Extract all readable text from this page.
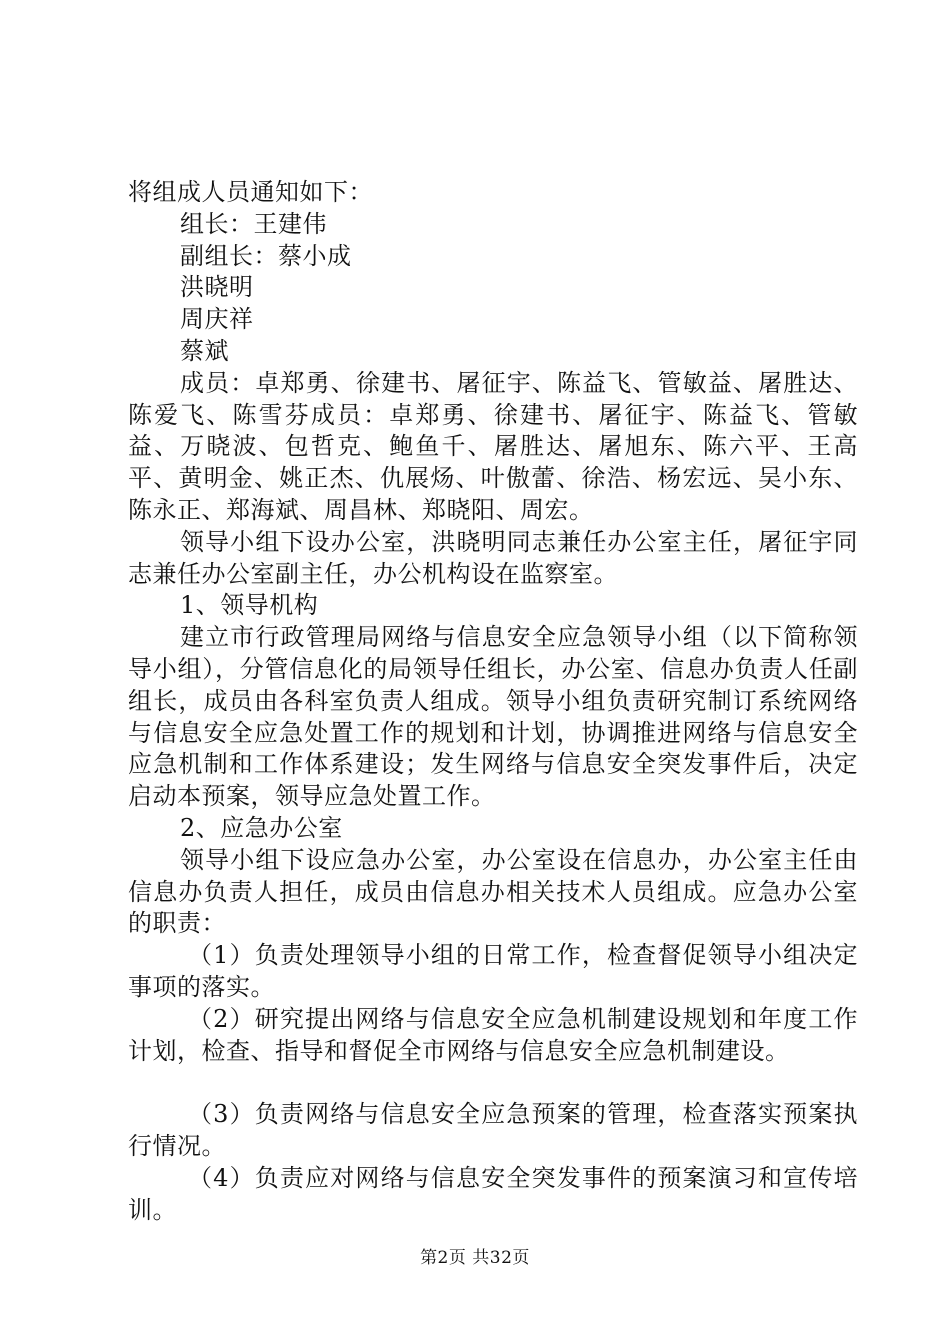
将组成人员通知如下：

组长：王建伟

副组长：蔡小成

洪晓明

周庆祥

蔡斌

成员：卓郑勇、徐建书、屠征宇、陈益飞、管敏益、屠胜达、陈爱飞、陈雪芬成员：卓郑勇、徐建书、屠征宇、陈益飞、管敏益、万晓波、包哲克、鲍鱼千、屠胜达、屠旭东、陈六平、王高平、黄明金、姚正杰、仇展炀、叶傲蕾、徐浩、杨宏远、吴小东、陈永正、郑海斌、周昌林、郑晓阳、周宏。

领导小组下设办公室，洪晓明同志兼任办公室主任，屠征宇同志兼任办公室副主任，办公机构设在监察室。

1、领导机构

建立市行政管理局网络与信息安全应急领导小组（以下简称领导小组），分管信息化的局领导任组长，办公室、信息办负责人任副组长，成员由各科室负责人组成。领导小组负责研究制订系统网络与信息安全应急处置工作的规划和计划，协调推进网络与信息安全应急机制和工作体系建设；发生网络与信息安全突发事件后，决定启动本预案，领导应急处置工作。

2、应急办公室

领导小组下设应急办公室，办公室设在信息办，办公室主任由信息办负责人担任，成员由信息办相关技术人员组成。应急办公室的职责：

（1）负责处理领导小组的日常工作，检查督促领导小组决定事项的落实。

（2）研究提出网络与信息安全应急机制建设规划和年度工作计划，检查、指导和督促全市网络与信息安全应急机制建设。

（3）负责网络与信息安全应急预案的管理，检查落实预案执行情况。

（4）负责应对网络与信息安全突发事件的预案演习和宣传培训。

第2页 共32页
